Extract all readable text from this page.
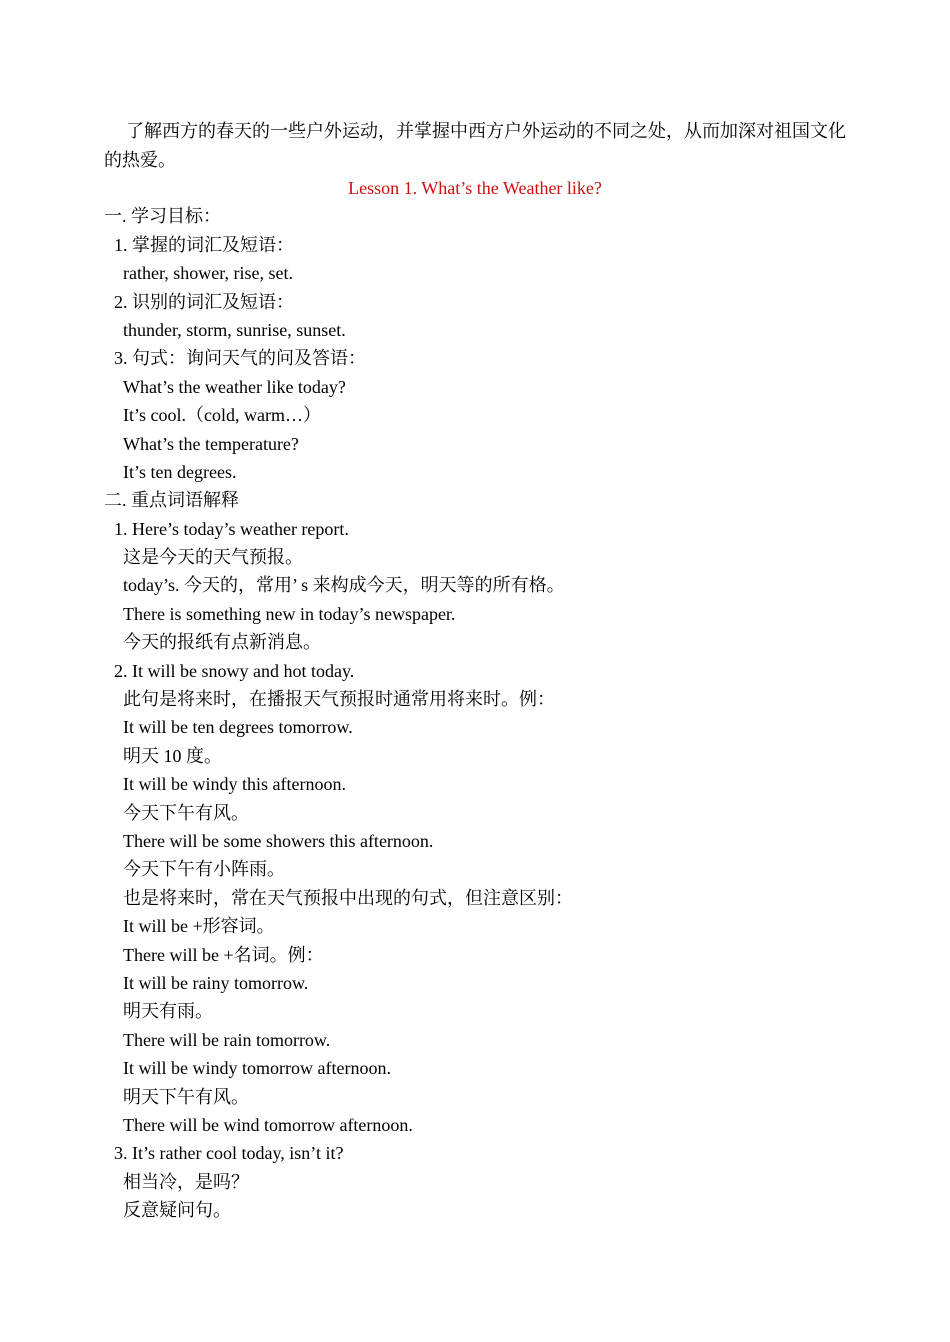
了解西方的春天的一些户外运动，并掌握中西方户外运动的不同之处，从而加深对祖国文化的热爱。

Lesson 1. What’s the Weather like?
一. 学习目标：
1. 掌握的词汇及短语：
rather, shower, rise, set.
2. 识别的词汇及短语：
thunder, storm, sunrise, sunset.
3. 句式：询问天气的问及答语：
What’s the weather like today?
It’s cool.（cold, warm…）
What’s the temperature?
It’s ten degrees.
二. 重点词语解释
1. Here’s today’s weather report.
这是今天的天气预报。
today’s. 今天的，常用’ s 来构成今天，明天等的所有格。
There is something new in today’s newspaper.
今天的报纸有点新消息。
2. It will be snowy and hot today.
此句是将来时，在播报天气预报时通常用将来时。例：
It will be ten degrees tomorrow.
明天 10 度。
It will be windy this afternoon.
今天下午有风。
There will be some showers this afternoon.
今天下午有小阵雨。
也是将来时，常在天气预报中出现的句式，但注意区别：
It will be +形容词。
There will be +名词。例：
It will be rainy tomorrow.
明天有雨。
There will be rain tomorrow.
It will be windy tomorrow afternoon.
明天下午有风。
There will be wind tomorrow afternoon.
3. It’s rather cool today, isn’t it?
相当冷，是吗？
反意疑问句。
